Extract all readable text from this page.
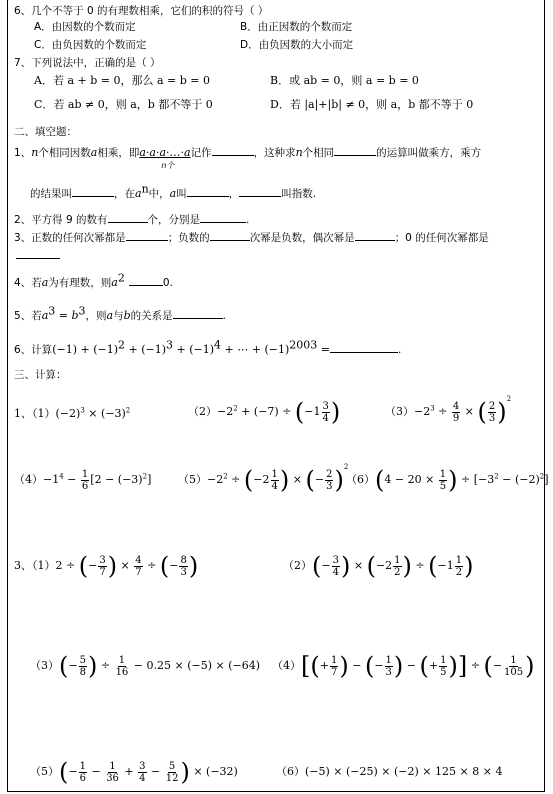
6、几个不等于 0 的有理数相乘，它们的积的符号（ ）
A．由因数的个数而定	B．由正因数的个数而定
C．由负因数的个数而定	D．由负因数的大小而定
7、下列说法中，正确的是（ ）
A．若 a + b = 0，那么 a = b = 0	B．或 ab = 0，则 a = b = 0
C．若 ab ≠ 0，则 a，b 都不等于 0	D．若 |a|+|b| ≠ 0，则 a，b 都不等于 0
二、填空题：
1、n个相同因数a相乘，即a·a·a·…·a
n个
记作	，这种求n个相同	的运算叫做乘方，乘方
的结果叫	，在$a^n$中，a叫	，	叫指数.
2、平方得 9 的数有	个，分别是	.
3、正数的任何次幂都是	；负数的	次幂是负数，偶次幂是	；0 的任何次幂都是
4、若a为有理数，则$a^2$	0.
5、若$a^3 = b^3$，则a与b的关系是	.
6、计算$(-1) + (-1)^2 + (-1)^3 + (-1)^4$ + ⋯ + $(-1)^{2003}$ =	.
三、计算：
1、$(1)(-2)^3 \times (-3)^2$	$(2)-2^2 + (-7) \div (-1 \frac{3}{4}$ )	$(3)-2^3 \div \frac{4}{9}$ × ( $\frac{2}{3} )^2$
$(4)-1^4 - \frac{1}{6} [2 - (-3)^2] (5)-2^2 \div (-2 \frac{1}{4}$ ) × (− $\frac{2}{3} )^2$
$(6)(4 - 20 \times \frac{1}{5}$ ) ÷ $[-3^2 - (-2)^2]$
3、（1）2 ÷ (− $\frac{3}{7}$ ) × $\frac{4}{7}$ ÷ (− $\frac{8}{3}$ )	$(2)(- \frac{3}{4}$ ) × ($-2 \frac{1}{2}$ ) ÷ ($-1 \frac{1}{2}$ )
$(3)(- \frac{5}{8}$ ) ÷ $\frac{1}{16} - 0.25 \times (-5) \times (-64)$ $(4)[(+ \frac{1}{7}$ ) − (− $\frac{1}{3}$ ) − (+ $\frac{1}{5}$ )] ÷ (− $\frac{1}{105}$ )
$(5)(- \frac{1}{6} - \frac{1}{36} + \frac{3}{4} - \frac{5}{12}$ ) × (−32)	（6）(−5) × (−25) × (−2) × 125 × 8 × 4
